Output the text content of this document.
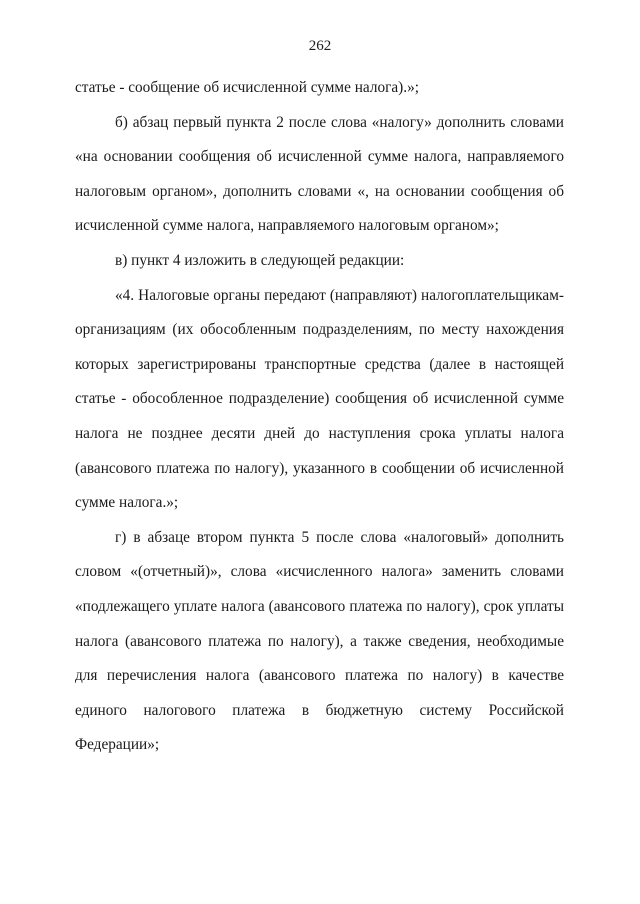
262

статье - сообщение об исчисленной сумме налога).»;

б) абзац первый пункта 2 после слова «налогу» дополнить словами «на основании сообщения об исчисленной сумме налога, направляемого налоговым органом», дополнить словами «, на основании сообщения об исчисленной сумме налога, направляемого налоговым органом»;

в) пункт 4 изложить в следующей редакции:

«4. Налоговые органы передают (направляют) налогоплательщикам-организациям (их обособленным подразделениям, по месту нахождения которых зарегистрированы транспортные средства (далее в настоящей статье - обособленное подразделение) сообщения об исчисленной сумме налога не позднее десяти дней до наступления срока уплаты налога (авансового платежа по налогу), указанного в сообщении об исчисленной сумме налога.»;

г) в абзаце втором пункта 5 после слова «налоговый» дополнить словом «(отчетный)», слова «исчисленного налога» заменить словами «подлежащего уплате налога (авансового платежа по налогу), срок уплаты налога (авансового платежа по налогу), а также сведения, необходимые для перечисления налога (авансового платежа по налогу) в качестве единого налогового платежа в бюджетную систему Российской Федерации»;
